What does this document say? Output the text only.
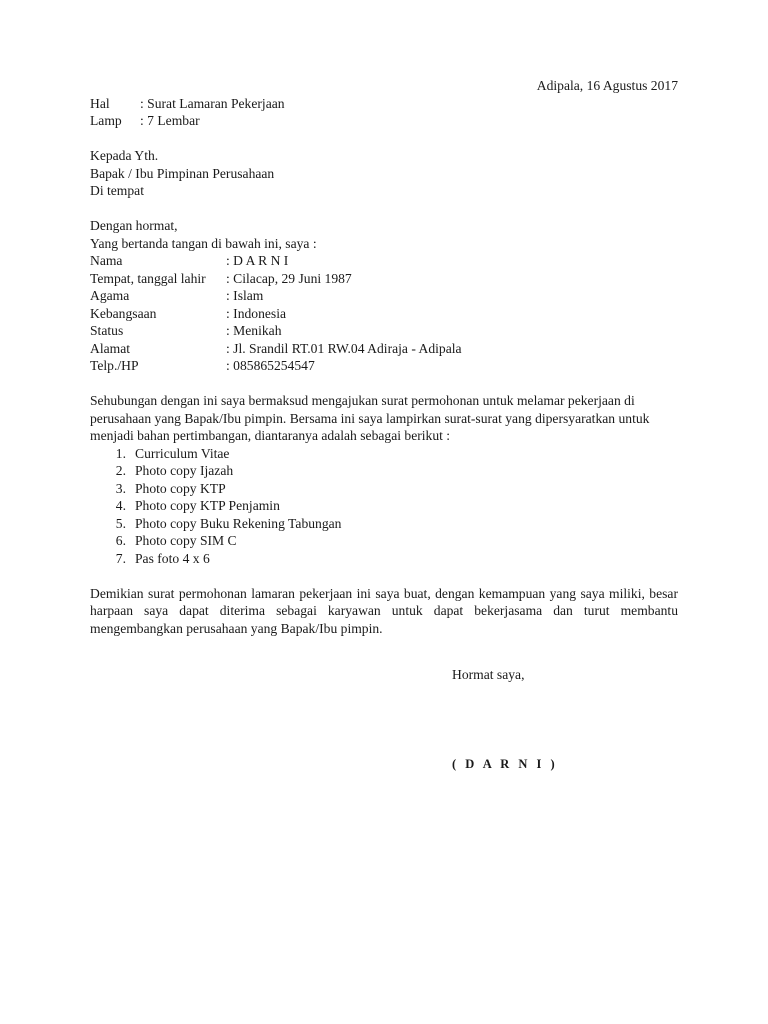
Adipala, 16 Agustus 2017
Hal	: Surat Lamaran Pekerjaan
Lamp	: 7 Lembar
Kepada Yth.
Bapak / Ibu Pimpinan Perusahaan
Di tempat
Dengan hormat,
Yang bertanda tangan di bawah ini, saya :
Nama	: D A R N I
Tempat, tanggal lahir	: Cilacap, 29 Juni 1987
Agama	: Islam
Kebangsaan	: Indonesia
Status	: Menikah
Alamat	: Jl. Srandil RT.01 RW.04 Adiraja - Adipala
Telp./HP	: 085865254547

Sehubungan dengan ini saya bermaksud mengajukan surat permohonan untuk melamar pekerjaan di perusahaan yang Bapak/Ibu pimpin. Bersama ini saya lampirkan surat-surat yang dipersyaratkan untuk menjadi bahan pertimbangan, diantaranya adalah sebagai berikut :

1. Curriculum Vitae
2. Photo copy Ijazah
3. Photo copy KTP
4. Photo copy KTP Penjamin
5. Photo copy Buku Rekening Tabungan
6. Photo copy SIM C
7. Pas foto 4 x 6

Demikian surat permohonan lamaran pekerjaan ini saya buat, dengan kemampuan yang saya miliki, besar harpaan saya dapat diterima sebagai karyawan untuk dapat bekerjasama dan turut membantu mengembangkan perusahaan yang Bapak/Ibu pimpin.

Hormat saya,
( D A R N I )
